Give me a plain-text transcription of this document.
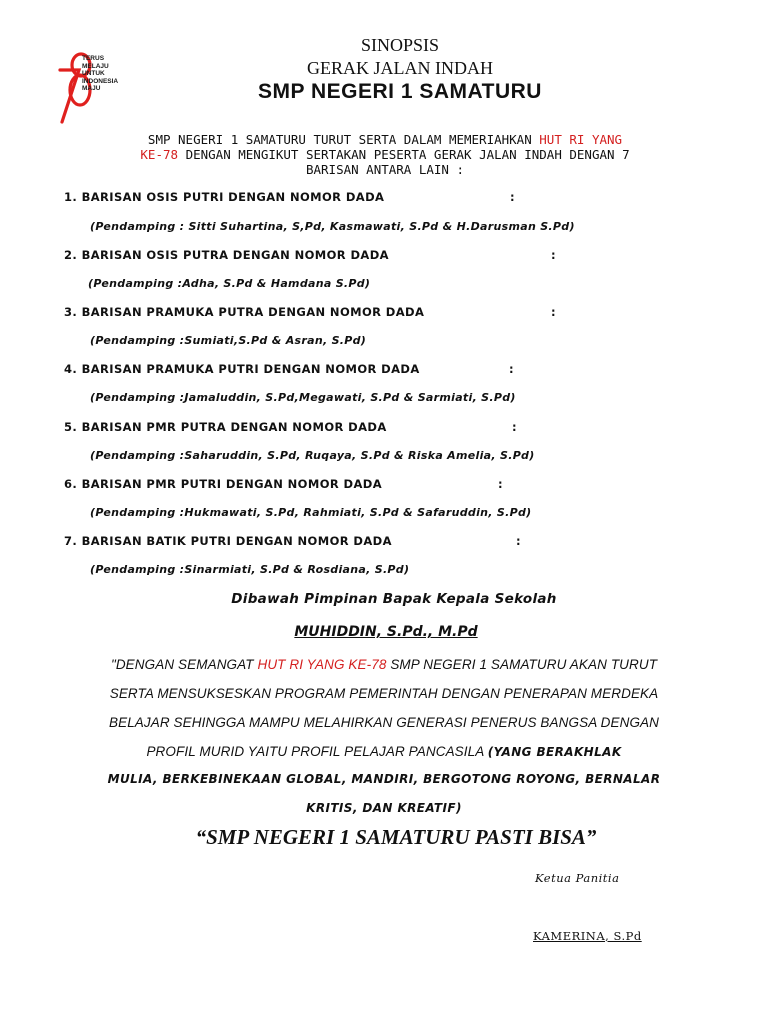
TERUS
MELAJU
UNTUK
INDONESIA
MAJU
SINOPSIS
GERAK JALAN INDAH
SMP NEGERI 1 SAMATURU
SMP NEGERI 1 SAMATURU TURUT SERTA DALAM MEMERIAHKAN HUT RI YANG
KE-78 DENGAN MENGIKUT SERTAKAN PESERTA GERAK JALAN INDAH DENGAN 7
BARISAN ANTARA LAIN :
1. BARISAN OSIS PUTRI DENGAN NOMOR DADA	:
(Pendamping : Sitti Suhartina, S,Pd, Kasmawati, S.Pd & H.Darusman S.Pd)
2. BARISAN OSIS PUTRA DENGAN NOMOR DADA	:
(Pendamping :Adha, S.Pd & Hamdana S.Pd)
3. BARISAN PRAMUKA PUTRA DENGAN NOMOR DADA	:
(Pendamping :Sumiati,S.Pd & Asran, S.Pd)
4. BARISAN PRAMUKA PUTRI DENGAN NOMOR DADA	:
(Pendamping :Jamaluddin, S.Pd,Megawati, S.Pd & Sarmiati, S.Pd)
5. BARISAN PMR PUTRA DENGAN NOMOR DADA	:
(Pendamping :Saharuddin, S.Pd, Ruqaya, S.Pd & Riska Amelia, S.Pd)
6. BARISAN PMR PUTRI DENGAN NOMOR DADA	:
(Pendamping :Hukmawati, S.Pd, Rahmiati, S.Pd & Safaruddin, S.Pd)
7. BARISAN BATIK PUTRI DENGAN NOMOR DADA	:
(Pendamping :Sinarmiati, S.Pd & Rosdiana, S.Pd)
Dibawah Pimpinan Bapak Kepala Sekolah
MUHIDDIN, S.Pd., M.Pd
"DENGAN SEMANGAT HUT RI YANG KE-78 SMP NEGERI 1 SAMATURU AKAN TURUT
SERTA MENSUKSESKAN PROGRAM PEMERINTAH DENGAN PENERAPAN MERDEKA
BELAJAR SEHINGGA MAMPU MELAHIRKAN GENERASI PENERUS BANGSA DENGAN
PROFIL MURID YAITU PROFIL PELAJAR PANCASILA (YANG BERAKHLAK
MULIA, BERKEBINEKAAN GLOBAL, MANDIRI, BERGOTONG ROYONG, BERNALAR
KRITIS, DAN KREATIF)
“SMP NEGERI 1 SAMATURU PASTI BISA”
Ketua Panitia
KAMERINA, S.Pd
